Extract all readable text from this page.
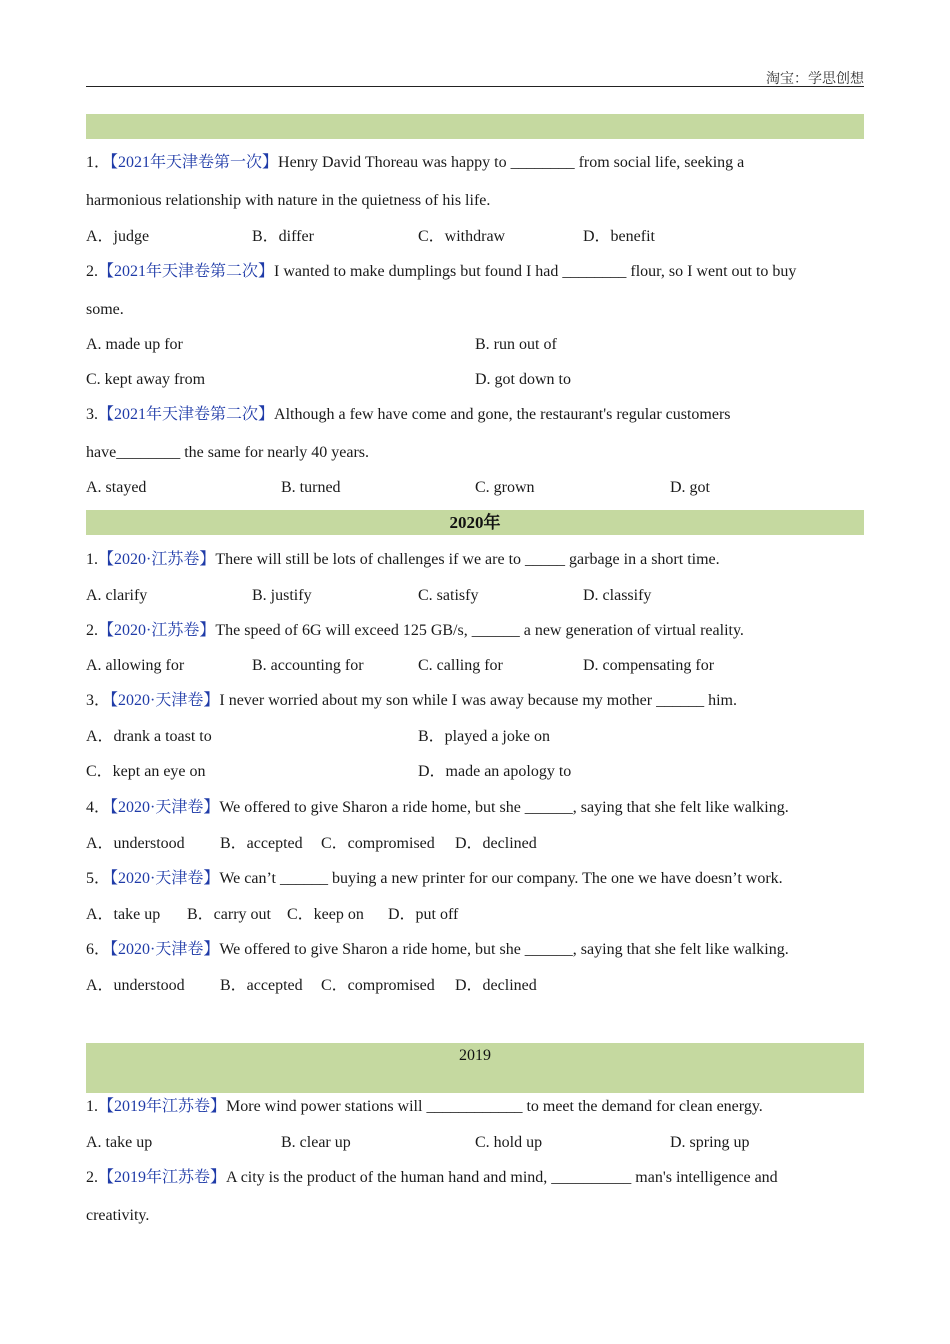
淘宝：学思创想
1．【2021年天津卷第一次】Henry David Thoreau was happy to ________ from social life, seeking a
harmonious relationship with nature in the quietness of his life.
A．judge	B．differ	C．withdraw	D．benefit
2.【2021年天津卷第二次】I wanted to make dumplings but found I had ________ flour, so I went out to buy
some.
A. made up for	B. run out of
C. kept away from	D. got down to
3.【2021年天津卷第二次】Although a few have come and gone, the restaurant's regular customers
have________ the same for nearly 40 years.
A. stayed	B. turned	C. grown	D. got
2020年
1.【2020·江苏卷】There will still be lots of challenges if we are to _____ garbage in a short time.
A. clarify	B. justify	C. satisfy	D. classify
2.【2020·江苏卷】The speed of 6G will exceed 125 GB/s, ______ a new generation of virtual reality.
A. allowing for	B. accounting for	C. calling for	D. compensating for
3．【2020·天津卷】I never worried about my son while I was away because my mother ______ him.
A．drank a toast to	B．played a joke on
C．kept an eye on	D．made an apology to
4．【2020·天津卷】We offered to give Sharon a ride home, but she ______, saying that she felt like walking.
A．understood B．accepted C．compromised D．declined
5．【2020·天津卷】We can’t ______ buying a new printer for our company. The one we have doesn’t work.
A．take up B．carry out C．keep on D．put off
6．【2020·天津卷】We offered to give Sharon a ride home, but she ______, saying that she felt like walking.
A．understood B．accepted C．compromised D．declined
2019
1.【2019年江苏卷】More wind power stations will ____________ to meet the demand for clean energy.
A. take up	B. clear up	C. hold up	D. spring up
2.【2019年江苏卷】A city is the product of the human hand and mind, __________ man's intelligence and
creativity.
